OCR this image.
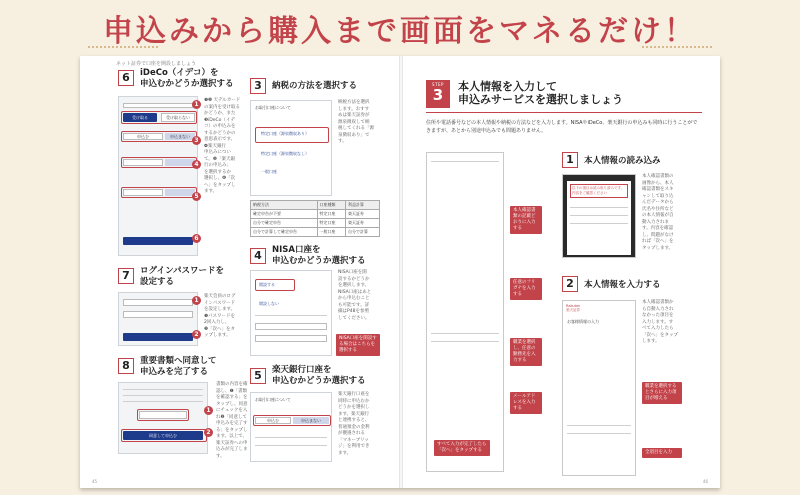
申込みから購入まで画面をマネるだけ！
ネット証券で口座を開設しましょう
6	iDeCo（イデコ）を
申込むかどうか選択する
受け取る	受け取らない
申込む	申込まない
1
3
4
5
6
❶❷ 天デルカード
の案内を受け取る
かどうか、また
❸iDeCo（イデ
コ）の申込みを
するかどうかの
意思表示です。
❹楽天銀行
申込みについ
て。❺「楽天銀
行の申込み」
を選択するか
選択し、❻「次
へ」をタップし
ます。
7	ログインパスワードを
設定する
1
2
楽天会員のログ
インパスワード
を設定します。
❶パスワードを
2回入力し、
❷「次へ」をタ
ップします。
8	重要書類へ同意して
申込みを完了する
同意して申込む
1
2
書類の内容を確
認し、❶「書類
を確認する」を
タップし、同意
にチェックを入
れ❷「同意して
申込みを完了す
る」をタップし
ます。以上で、
楽天証券への申
込みが完了しま
す。
3	納税の方法を選択する
お取引口座について
特定口座（源泉徴収あり）
特定口座（源泉徴収なし）
一般口座
納税方法を選択
します。おすす
めは楽天証券が
源泉徴収して納
税してくれる「源
泉徴収あり」で
す。
納税方法	口座種類	利益計算
確定申告が不要	特定口座	楽天証券
自分で確定申告	特定口座	楽天証券
自分で計算して確定申告	一般口座	自分で計算
4	NISA口座を
申込むかどうか選択する
開設する
開設しない
NISA口座を開
設するかどうか
を選択します。
NISA口座はあと
から申込むこと
も可能です。詳
細はP48を参照
してください。
NISA口座を開設する場合はこちらを選択する
5	楽天銀行口座を
申込むかどうか選択する
お取引口座について
申込む	申込まない
楽天銀行口座を
同時に申込むか
どうかを選択し
ます。楽天銀行
と連携すると、
普通預金の金利
が優遇される
「マネーブリッ
ジ」を利用でき
ます。
45
STEP
3	本人情報を入力して
申込みサービスを選択しましょう
住所や電話番号などの本人情報や納税の方法などを入力します。NISAやiDeCo、楽天銀行の申込みも同時に行うことができますが、あとから別途申込みでも問題ありません。
本人確認書類の記載どおりに入力する
任意のフリガナを入力する
職業を選択し、任意の勤務先を入力する
メールアドレスを入力する
すべて入力が完了したら「次へ」をタップする
1	本人情報の読み込み
以下の項目は読み取り済みです。
内容をご確認ください
次へ
本人確認書類の
画像から、本人
確認書類をスキ
ャンして取り込
んだデータから
氏名や住所など
の本人情報が自
動入力されま
す。内容を確認
し、問題がなけ
れば「次へ」を
タップします。
2	本人情報を入力する
Rakuten
楽天証券
お客様情報の入力
本人確認書類か
ら自動入力され
なかった項目を
入力します。す
べて入力したら
「次へ」をタップ
します。
職業を選択するとさらに入力項目が増える
全項目を入力
46
